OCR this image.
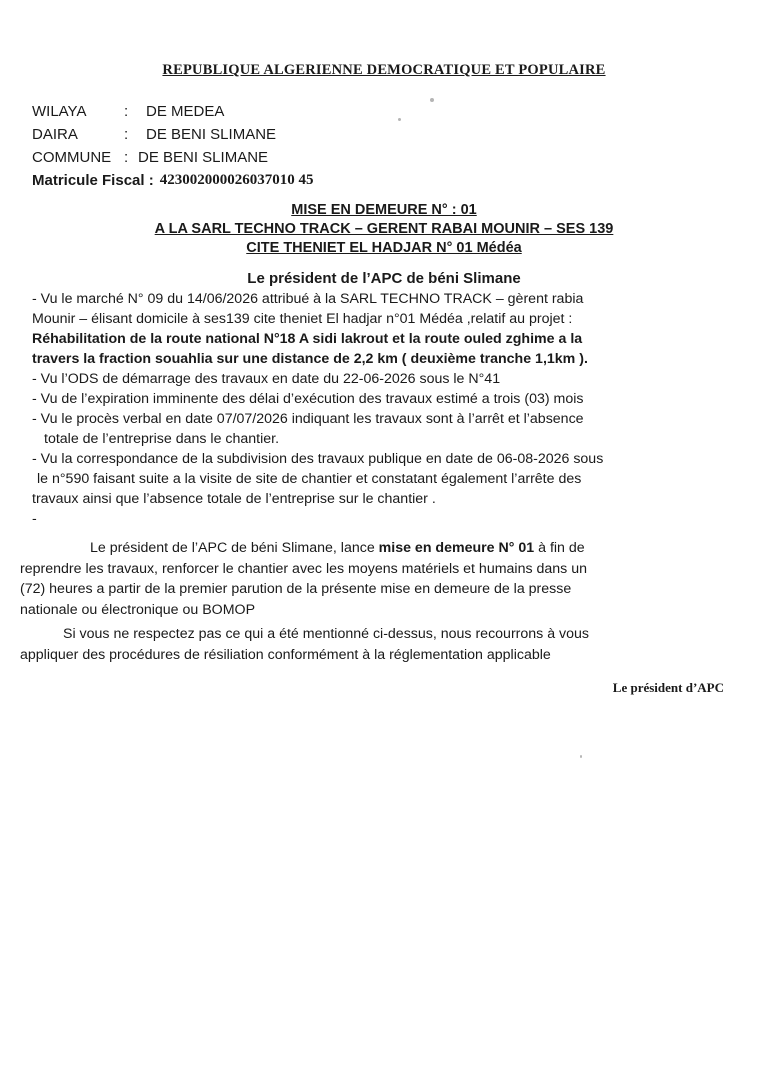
REPUBLIQUE ALGERIENNE DEMOCRATIQUE ET POPULAIRE
WILAYA	:	DE MEDEA
DAIRA	:	DE BENI SLIMANE
COMMUNE : DE BENI SLIMANE
Matricule Fiscal : 423002000026037010 45
MISE EN DEMEURE N° : 01
A LA SARL TECHNO TRACK – GERENT RABAI MOUNIR – SES 139
CITE THENIET EL HADJAR N° 01 Médéa
Le président de l’APC de béni Slimane
- Vu le marché N° 09 du 14/06/2026 attribué à la SARL TECHNO TRACK – gèrent rabia
Mounir – élisant domicile à ses139 cite theniet El hadjar n°01 Médéa ,relatif au projet :
Réhabilitation de la route national N°18 A sidi lakrout et la route ouled zghime a la
travers la fraction souahlia sur une distance de 2,2 km ( deuxième tranche 1,1km ).
- Vu l’ODS de démarrage des travaux en date du 22-06-2026 sous le N°41
- Vu de l’expiration imminente des délai d’exécution des travaux estimé a trois (03) mois
- Vu le procès verbal en date 07/07/2026 indiquant les travaux sont à l’arrêt et l’absence
totale de l’entreprise dans le chantier.
- Vu la correspondance de la subdivision des travaux publique en date de 06-08-2026 sous
le n°590 faisant suite a la visite de site de chantier et constatant également l’arrête des
travaux ainsi que l’absence totale de l’entreprise sur le chantier .
-
Le président de l’APC de béni Slimane, lance mise en demeure N° 01 à fin de
reprendre les travaux, renforcer le chantier avec les moyens matériels et humains dans un
(72) heures a partir de la premier parution de la présente mise en demeure de la presse
nationale ou électronique ou BOMOP
Si vous ne respectez pas ce qui a été mentionné ci-dessus, nous recourrons à vous
appliquer des procédures de résiliation conformément à la réglementation applicable
Le président d’APC
